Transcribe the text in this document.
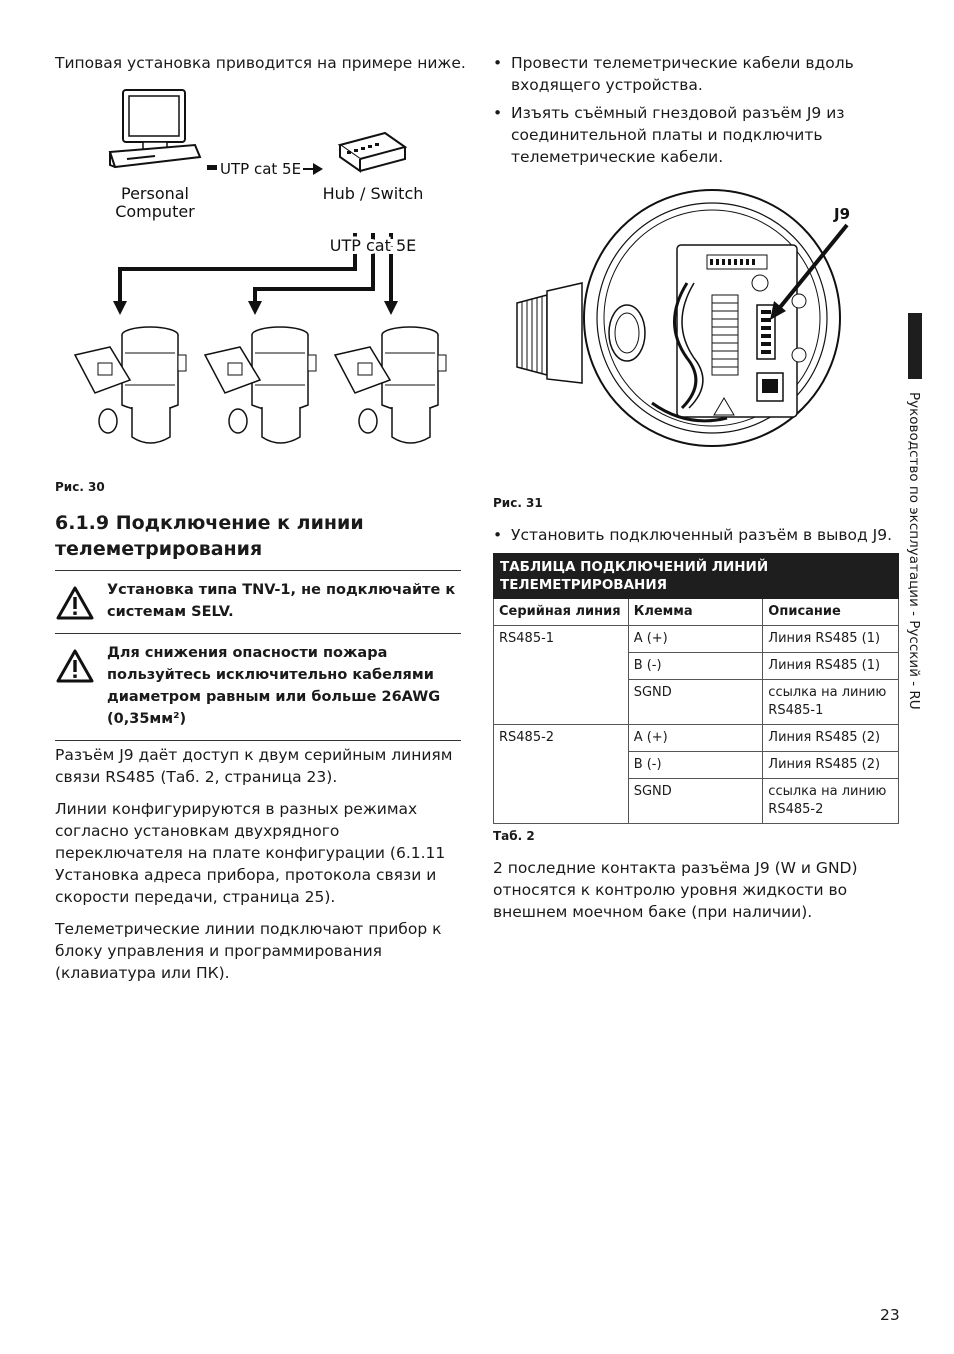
Типовая установка приводится на примере ниже.
UTP cat 5E
Personal
Computer
Hub / Switch
UTP cat 5E
Рис. 30

6.1.9 Подключение к линии

телеметрирования

Установка типа TNV-1, не подключайте к системам SELV.
Для снижения опасности пожара
пользуйтесь исключительно кабелями
диаметром равным или больше 26AWG
(0,35мм²)

Разъём J9 даёт доступ к двум серийным линиям связи RS485 (Таб. 2, страница 23).

Линии конфигурируются в разных режимах согласно установкам двухрядного переключателя на плате конфигурации (6.1.11 Установка адреса прибора, протокола связи и скорости передачи, страница 25).

Телеметрические линии подключают прибор к блоку управления и программирования (клавиатура или ПК).

• Провести телеметрические кабели вдоль входящего устройства.
• Изъять съёмный гнездовой разъём J9 из соединительной платы и подключить телеметрические кабели.
J9
Рис. 31
• Установить подключенный разъём в вывод J9.
ТАБЛИЦА ПОДКЛЮЧЕНИЙ ЛИНИЙ ТЕЛЕМЕТРИРОВАНИЯ		
Серийная линия	Клемма	Описание
RS485-1	A (+)	Линия RS485 (1)
	B (-)	Линия RS485 (1)
	SGND	ссылка на линию RS485-1
RS485-2	A (+)	Линия RS485 (2)
	B (-)	Линия RS485 (2)
	SGND	ссылка на линию RS485-2
Таб. 2
2 последние контакта разъёма J9 (W и GND) относятся к контролю уровня жидкости во внешнем моечном баке (при наличии).
Руководство по эксплуатации - Русский - RU
23
